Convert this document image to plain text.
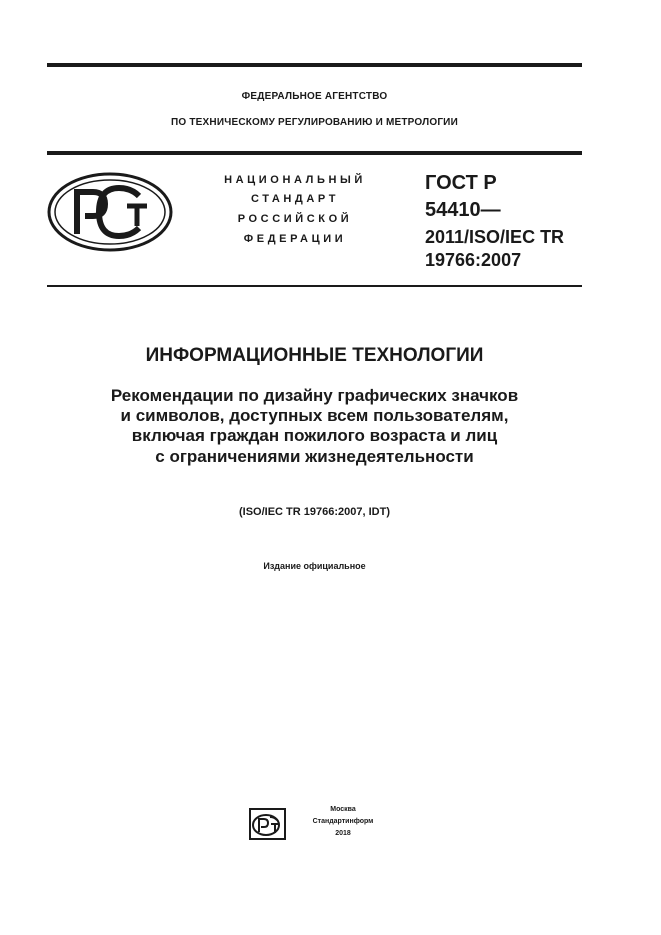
ФЕДЕРАЛЬНОЕ АГЕНТСТВО
ПО ТЕХНИЧЕСКОМУ РЕГУЛИРОВАНИЮ И МЕТРОЛОГИИ
НАЦИОНАЛЬНЫЙ
СТАНДАРТ
РОССИЙСКОЙ
ФЕДЕРАЦИИ
ГОСТ Р
54410—
2011/ISO/IEC TR
19766:2007
ИНФОРМАЦИОННЫЕ ТЕХНОЛОГИИ
Рекомендации по дизайну графических значков
и символов, доступных всем пользователям,
включая граждан пожилого возраста и лиц
с ограничениями жизнедеятельности
(ISO/IEC TR 19766:2007, IDT)
Издание официальное
Москва
Стандартинформ
2018
